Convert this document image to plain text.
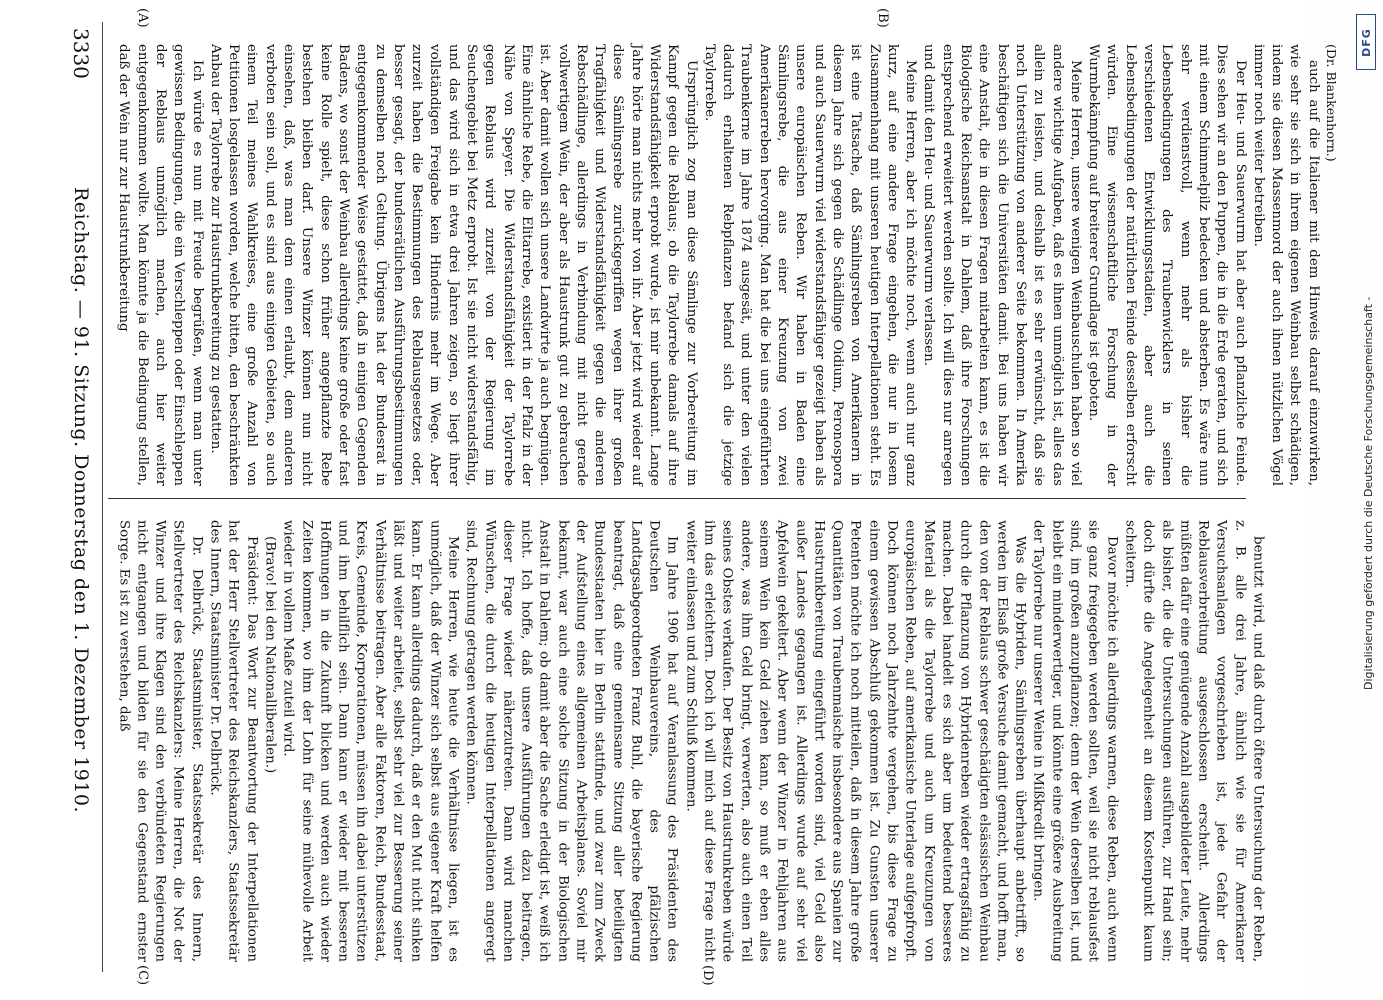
3330
Reichstag. — 91. Sitzung. Donnerstag den 1. Dezember 1910.
(A)	(B)
(C)	(D)

(Dr. Blankenhorn.)

auch auf die Italiener mit dem Hinweis darauf einzuwirken, wie sehr sie sich in ihrem eigenen Weinbau selbst schädigen, indem sie diesen Massenmord der auch ihnen nützlichen Vögel immer noch weiter betreiben.

Der Heu- und Sauerwurm hat aber auch pflanzliche Feinde. Dies sehen wir an den Puppen, die in die Erde geraten, und sich mit einem Schimmelpilz bedecken und absterben. Es wäre nun sehr verdienstvoll, wenn mehr als bisher die Lebensbedingungen des Traubenwicklers in seinen verschiedenen Entwicklungsstadien, aber auch die Lebensbedingungen der natürlichen Feinde desselben erforscht würden. Eine wissenschaftliche Forschung in der Wurmbekämpfung auf breiterer Grundlage ist geboten.

Meine Herren, unsere wenigen Weinbauschulen haben so viel andere wichtige Aufgaben, daß es ihnen unmöglich ist, alles das allein zu leisten, und deshalb ist es sehr erwünscht, daß sie noch Unterstützung von anderer Seite bekommen. In Amerika beschäftigen sich die Universitäten damit. Bei uns haben wir eine Anstalt, die in diesen Fragen mitarbeiten kann, es ist die Biologische Reichsanstalt in Dahlem, daß ihre Forschungen entsprechend erweitert werden sollte. Ich will dies nur anregen und damit den Heu- und Sauerwurm verlassen.

Meine Herren, aber ich möchte noch, wenn auch nur ganz kurz, auf eine andere Frage eingehen, die nur in losem Zusammenhang mit unseren heutigen Interpellationen steht. Es ist eine Tatsache, daß Sämlingsreben von Amerikanern in diesem Jahre sich gegen die Schädlinge Oidium, Peronospora und auch Sauerwurm viel widerstandsfähiger gezeigt haben als unsere europäischen Reben. Wir haben in Baden eine Sämlingsrebe, die aus einer Kreuzung von zwei Amerikanerreben hervorging. Man hat die bei uns eingeführten Traubenkerne im Jahre 1874 ausgesät, und unter den vielen dadurch erhaltenen Rebpflanzen befand sich die jetzige Taylorrebe.

Ursprünglich zog man diese Sämlinge zur Vorbereitung im Kampf gegen die Reblaus; ob die Taylorrebe damals auf ihre Widerstandsfähigkeit erprobt wurde, ist mir unbekannt. Lange Jahre hörte man nichts mehr von ihr. Aber jetzt wird wieder auf diese Sämlingsrebe zurückgegriffen wegen ihrer großen Tragfähigkeit und Widerstandsfähigkeit gegen die anderen Rebschädlinge, allerdings in Verbindung mit nicht gerade vollwertigem Wein, der aber als Haustrunk gut zu gebrauchen ist. Aber damit wollen sich unsere Landwirte ja auch begnügen. Eine ähnliche Rebe, die Elitarrebe, existiert in der Pfalz in der Nähe von Speyer. Die Widerstandsfähigkeit der Taylorrebe gegen Reblaus wird zurzeit von der Regierung im Seuchengebiet bei Metz erprobt. Ist sie nicht widerstandsfähig, und das wird sich in etwa drei Jahren zeigen, so liegt ihrer vollständigen Freigabe kein Hindernis mehr im Wege. Aber zurzeit haben die Bestimmungen des Reblausgesetzes oder, besser gesagt, der bundesrätlichen Ausführungsbestimmungen zu demselben noch Geltung. Übrigens hat der Bundesrat in entgegenkommender Weise gestattet, daß in einigen Gegenden Badens, wo sonst der Weinbau allerdings keine große oder fast keine Rolle spielt, diese schon früher angepflanzte Rebe bestehen bleiben darf. Unsere Winzer können nun nicht einsehen, daß, was man dem einen erlaubt, dem anderen verboten sein soll, und es sind aus einigen Gebieten, so auch einem Teil meines Wahlkreises, eine große Anzahl von Petitionen losgelassen worden, welche bitten, den beschränkten Anbau der Taylorrebe zur Haustrunkbereitung zu gestatten.

Ich würde es nun mit Freude begrüßen, wenn man unter gewissen Bedingungen, die ein Verschleppen oder Einschleppen der Reblaus unmöglich machen, auch hier weiter entgegenkommen wollte. Man könnte ja die Bedingung stellen, daß der Wein nur zur Haustrunkbereitung

benutzt wird, und daß durch öftere Untersuchung der Reben, z. B. alle drei Jahre, ähnlich wie sie für Amerikaner Versuchsanlagen vorgeschrieben ist, jede Gefahr der Reblausverbreitung ausgeschlossen erscheint. Allerdings müßten dafür eine genügende Anzahl ausgebildeter Leute, mehr als bisher, die die Untersuchungen ausführen, zur Hand sein; doch dürfte die Angelegenheit an diesem Kostenpunkt kaum scheitern.

Davor möchte ich allerdings warnen, diese Reben, auch wenn sie ganz freigegeben werden sollten, weil sie nicht reblausfest sind, im großen anzupflanzen; denn der Wein derselben ist, und bleibt ein minderwertiger, und könnte eine größere Ausbreitung der Taylorrebe nur unserer Weine in Mißkredit bringen.

Was die Hybriden, Sämlingsreben überhaupt anbetrifft, so werden im Elsaß große Versuche damit gemacht, und hofft man, den von der Reblaus schwer geschädigten elsässischen Weinbau durch die Pflanzung von Hybridenreben wieder ertragsfähig zu machen. Dabei handelt es sich aber um bedeutend besseres Material als die Taylorrebe und auch um Kreuzungen von europäischen Reben, auf amerikanische Unterlage aufgepfropft. Doch können noch Jahrzehnte vergehen, bis diese Frage zu einem gewissen Abschluß gekommen ist. Zu Gunsten unserer Petenten möchte ich noch mitteilen, daß in diesem Jahre große Quantitäten von Traubenmaische insbesondere aus Spanien zur Haustrunkbereitung eingeführt worden sind, viel Geld also außer Landes gegangen ist. Allerdings wurde auf sehr viel Apfelwein gekeltert. Aber wenn der Winzer in Fehljahren aus seinem Wein kein Geld ziehen kann, so muß er eben alles andere, was ihm Geld bringt, verwerten, also auch einen Teil seines Obstes verkaufen. Der Besitz von Haustrunkreben würde ihm das erleichtern. Doch ich will mich auf diese Frage nicht weiter einlassen und zum Schluß kommen.

Im Jahre 1906 hat auf Veranlassung des Präsidenten des Deutschen Weinbauvereins, des pfälzischen Landtagsabgeordneten Franz Buhl, die bayerische Regierung beantragt, daß eine gemeinsame Sitzung aller beteiligten Bundesstaaten hier in Berlin stattfinde, und zwar zum Zweck der Aufstellung eines allgemeinen Arbeitsplanes. Soviel mir bekannt, war auch eine solche Sitzung in der Biologischen Anstalt in Dahlem; ob damit aber die Sache erledigt ist, weiß ich nicht. Ich hoffe, daß unsere Ausführungen dazu beitragen, dieser Frage wieder näherzutreten. Dann wird manchen Wünschen, die durch die heutigen Interpellationen angeregt sind, Rechnung getragen werden können.

Meine Herren, wie heute die Verhältnisse liegen, ist es unmöglich, daß der Winzer sich selbst aus eigener Kraft helfen kann. Er kann allerdings dadurch, daß er den Mut nicht sinken läßt und weiter arbeitet, selbst sehr viel zur Besserung seiner Verhältnisse beitragen. Aber alle Faktoren, Reich, Bundesstaat, Kreis, Gemeinde, Korporationen, müssen ihn dabei unterstützen und ihm behilflich sein. Dann kann er wieder mit besseren Hoffnungen in die Zukunft blicken und werden auch wieder Zeiten kommen, wo ihm der Lohn für seine mühevolle Arbeit wieder in vollem Maße zuteil wird.

(Bravo! bei den Nationalliberalen.)

Präsident: Das Wort zur Beantwortung der Interpellationen hat der Herr Stellvertreter des Reichskanzlers, Staatssekretär des Innern, Staatsminister Dr. Delbrück.

Dr. Delbrück, Staatsminister, Staatssekretär des Innern, Stellvertreter des Reichskanzlers: Meine Herren, die Not der Winzer und ihre Klagen sind den verbündeten Regierungen nicht entgangen und bilden für sie den Gegenstand ernster Sorge. Es ist zu verstehen, daß

DFG
Digitalisierung gefördert durch die Deutsche Forschungsgemeinschaft -
